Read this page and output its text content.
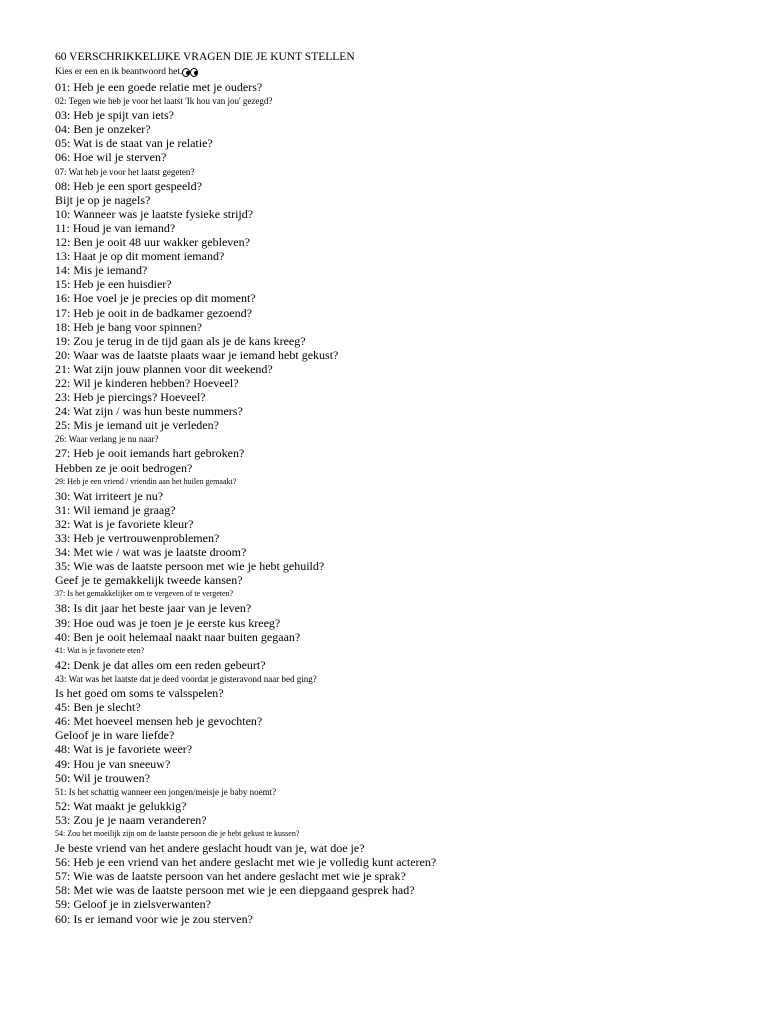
60 VERSCHRIKKELIJKE VRAGEN DIE JE KUNT STELLEN
Kies er een en ik beantwoord het.
01: Heb je een goede relatie met je ouders?
02: Tegen wie heb je voor het laatst 'Ik hou van jou' gezegd?
03: Heb je spijt van iets?
04: Ben je onzeker?
05: Wat is de staat van je relatie?
06: Hoe wil je sterven?
07: Wat heb je voor het laatst gegeten?
08: Heb je een sport gespeeld?
Bijt je op je nagels?
10: Wanneer was je laatste fysieke strijd?
11: Houd je van iemand?
12: Ben je ooit 48 uur wakker gebleven?
13: Haat je op dit moment iemand?
14: Mis je iemand?
15: Heb je een huisdier?
16: Hoe voel je je precies op dit moment?
17: Heb je ooit in de badkamer gezoend?
18: Heb je bang voor spinnen?
19: Zou je terug in de tijd gaan als je de kans kreeg?
20: Waar was de laatste plaats waar je iemand hebt gekust?
21: Wat zijn jouw plannen voor dit weekend?
22: Wil je kinderen hebben? Hoeveel?
23: Heb je piercings? Hoeveel?
24: Wat zijn / was hun beste nummers?
25: Mis je iemand uit je verleden?
26: Waar verlang je nu naar?
27: Heb je ooit iemands hart gebroken?
Hebben ze je ooit bedrogen?
29: Heb je een vriend / vriendin aan het huilen gemaakt?
30: Wat irriteert je nu?
31: Wil iemand je graag?
32: Wat is je favoriete kleur?
33: Heb je vertrouwenproblemen?
34: Met wie / wat was je laatste droom?
35: Wie was de laatste persoon met wie je hebt gehuild?
Geef je te gemakkelijk tweede kansen?
37: Is het gemakkelijker om te vergeven of te vergeten?
38: Is dit jaar het beste jaar van je leven?
39: Hoe oud was je toen je je eerste kus kreeg?
40: Ben je ooit helemaal naakt naar buiten gegaan?
41: Wat is je favoriete eten?
42: Denk je dat alles om een reden gebeurt?
43: Wat was het laatste dat je deed voordat je gisteravond naar bed ging?
Is het goed om soms te valsspelen?
45: Ben je slecht?
46: Met hoeveel mensen heb je gevochten?
Geloof je in ware liefde?
48: Wat is je favoriete weer?
49: Hou je van sneeuw?
50: Wil je trouwen?
51: Is het schattig wanneer een jongen/meisje je baby noemt?
52: Wat maakt je gelukkig?
53: Zou je je naam veranderen?
54: Zou het moeilijk zijn om de laatste persoon die je hebt gekust te kussen?
Je beste vriend van het andere geslacht houdt van je, wat doe je?
56: Heb je een vriend van het andere geslacht met wie je volledig kunt acteren?
57: Wie was de laatste persoon van het andere geslacht met wie je sprak?
58: Met wie was de laatste persoon met wie je een diepgaand gesprek had?
59: Geloof je in zielsverwanten?
60: Is er iemand voor wie je zou sterven?
